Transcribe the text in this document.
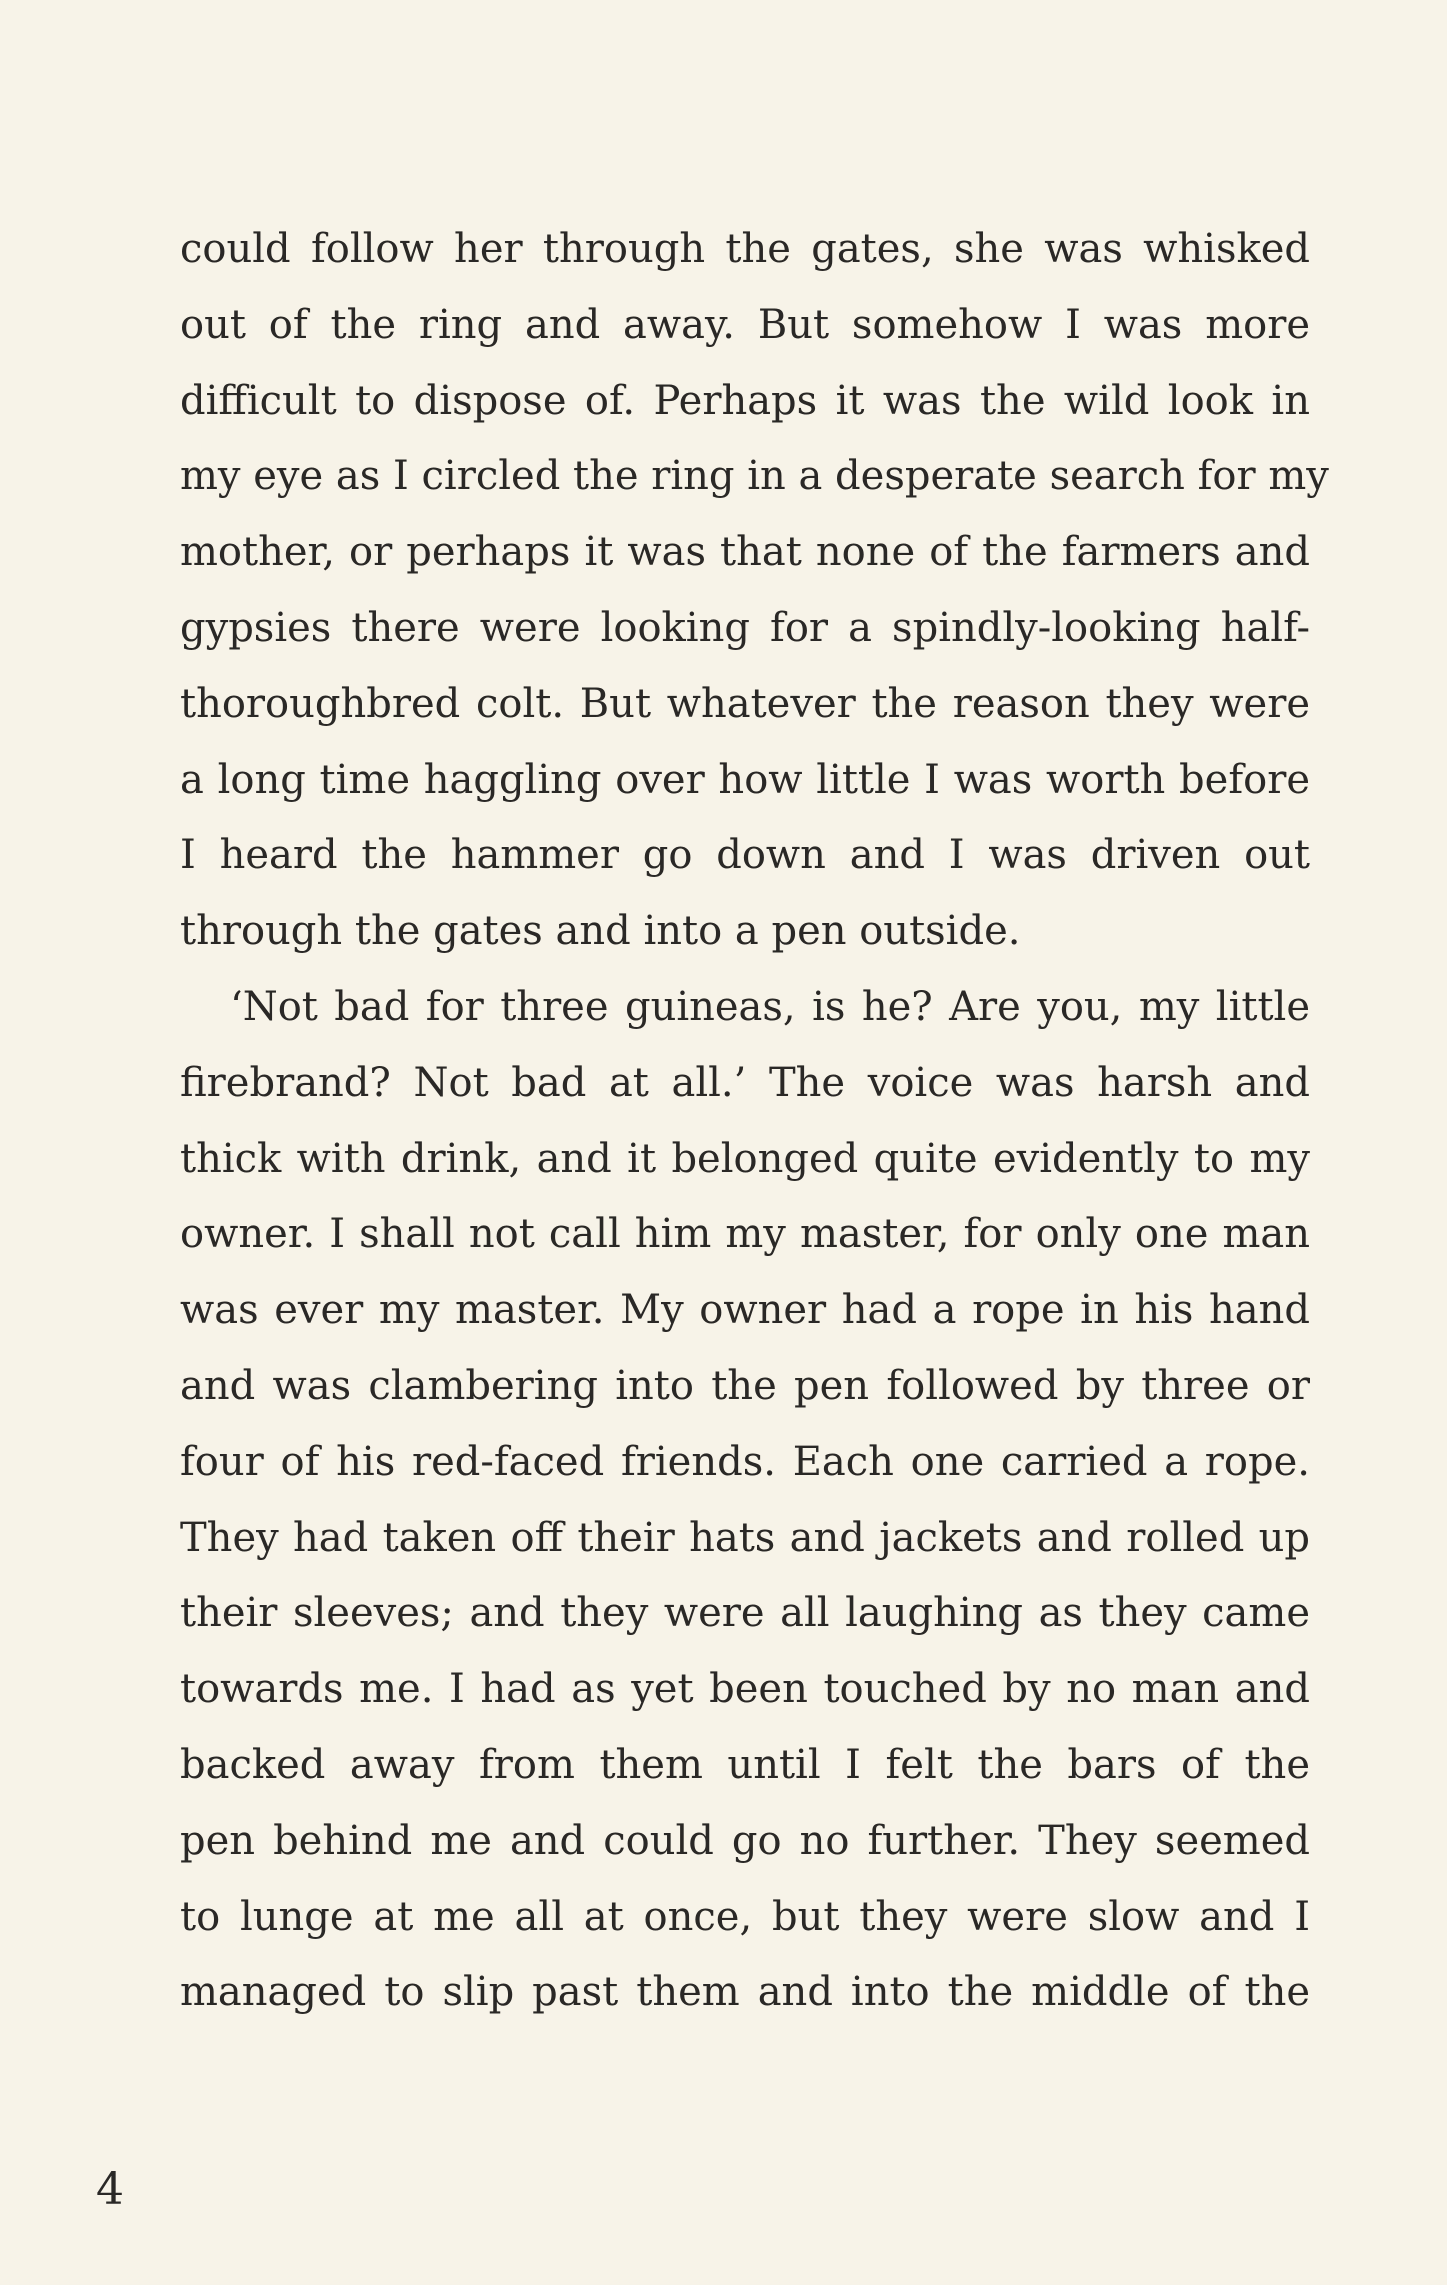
could follow her through the gates, she was whisked
out of the ring and away. But somehow I was more
difficult to dispose of. Perhaps it was the wild look in
my eye as I circled the ring in a desperate search for my
mother, or perhaps it was that none of the farmers and
gypsies there were looking for a spindly-looking half-
thoroughbred colt. But whatever the reason they were
a long time haggling over how little I was worth before
I heard the hammer go down and I was driven out
through the gates and into a pen outside.
‘Not bad for three guineas, is he? Are you, my little
firebrand? Not bad at all.’ The voice was harsh and
thick with drink, and it belonged quite evidently to my
owner. I shall not call him my master, for only one man
was ever my master. My owner had a rope in his hand
and was clambering into the pen followed by three or
four of his red-faced friends. Each one carried a rope.
They had taken off their hats and jackets and rolled up
their sleeves; and they were all laughing as they came
towards me. I had as yet been touched by no man and
backed away from them until I felt the bars of the
pen behind me and could go no further. They seemed
to lunge at me all at once, but they were slow and I
managed to slip past them and into the middle of the
4
